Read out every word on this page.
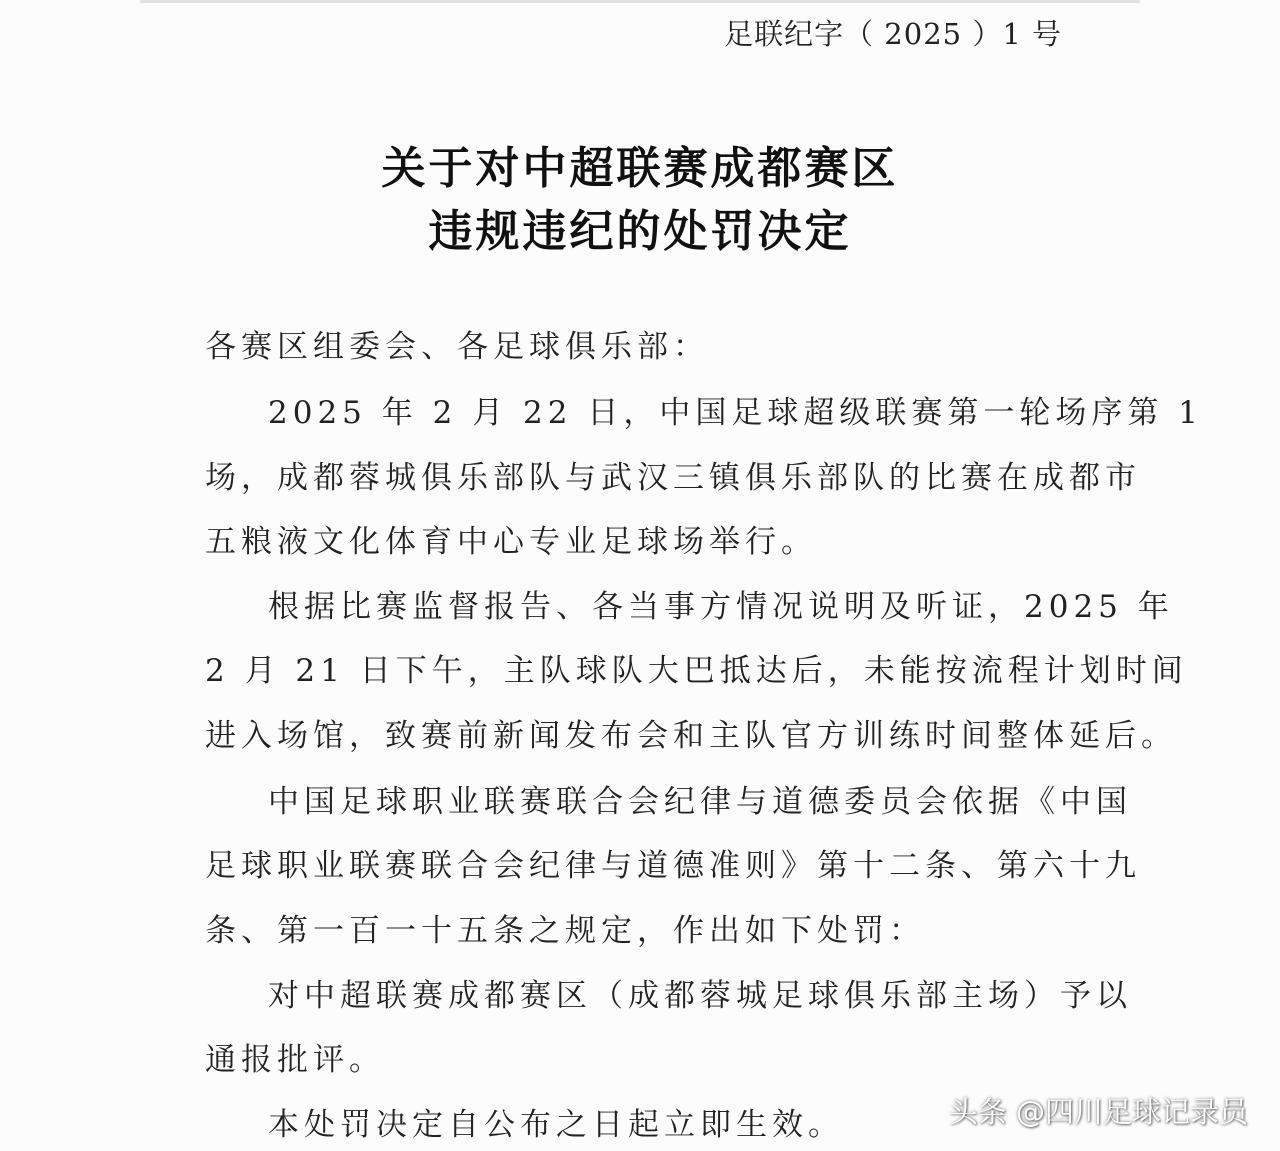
足联纪字（ 2025 ）1 号
关于对中超联赛成都赛区
违规违纪的处罚决定
各赛区组委会、各足球俱乐部：
2025 年 2 月 22 日，中国足球超级联赛第一轮场序第 1
场，成都蓉城俱乐部队与武汉三镇俱乐部队的比赛在成都市
五粮液文化体育中心专业足球场举行。
根据比赛监督报告、各当事方情况说明及听证，2025 年
2 月 21 日下午，主队球队大巴抵达后，未能按流程计划时间
进入场馆，致赛前新闻发布会和主队官方训练时间整体延后。
中国足球职业联赛联合会纪律与道德委员会依据《中国
足球职业联赛联合会纪律与道德准则》第十二条、第六十九
条、第一百一十五条之规定，作出如下处罚：
对中超联赛成都赛区（成都蓉城足球俱乐部主场）予以
通报批评。
本处罚决定自公布之日起立即生效。	头条 @四川足球记录员
